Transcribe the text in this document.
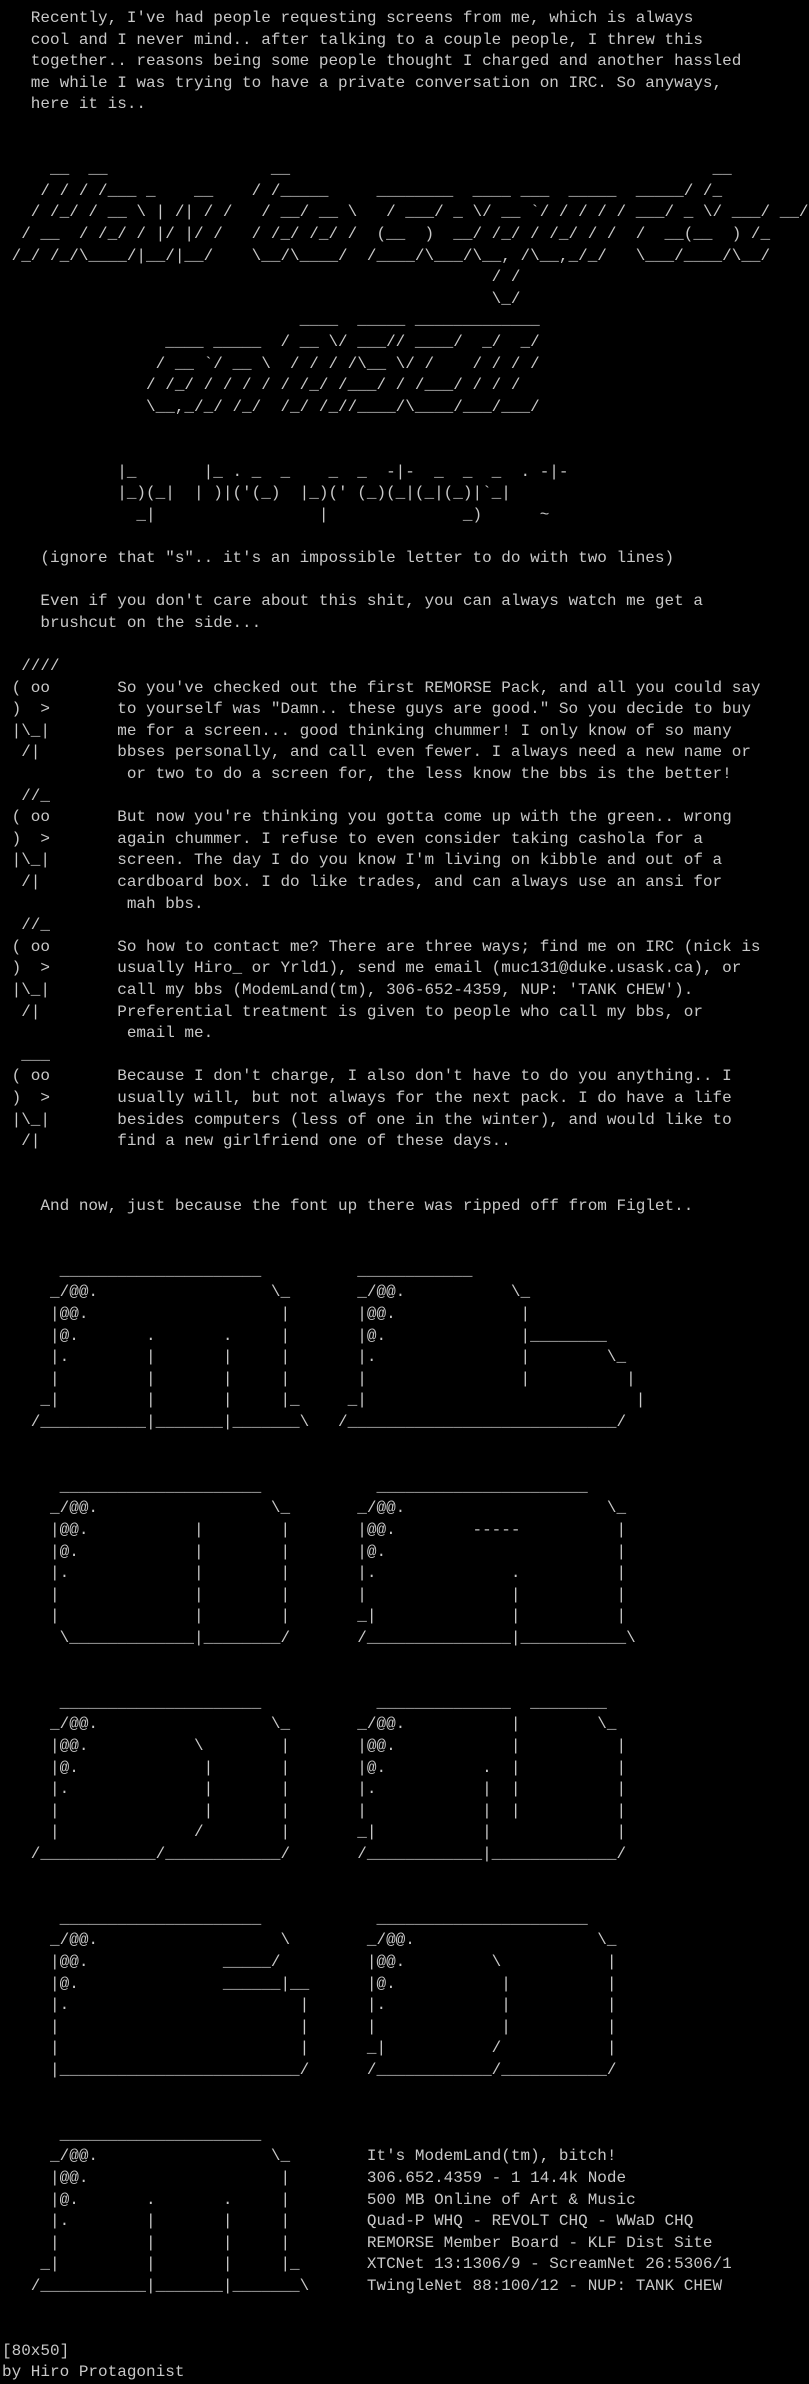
Recently, I've had people requesting screens from me, which is always
cool and I never mind.. after talking to a couple people, I threw this
together.. reasons being some people thought I charged and another hassled
me while I was trying to have a private conversation on IRC. So anyways,
here it is..
__  __                 __                                            __
/ / / /___ _    __    / /_____     ________  ____ ___  _____  _____/ /_
/ /_/ / __ \ | /| / /   / __/ __ \   / ___/ _ \/ __ `/ / / / / ___/ _ \/ ___/ __/
/ __  / /_/ / |/ |/ /   / /_/ /_/ /  (__  )  __/ /_/ / /_/ / /  /  __(__  ) /_
/_/ /_/\____/|__/|__/    \__/\____/  /____/\___/\__, /\__,_/_/   \___/____/\__/
/ /
\_/
____  _____ _____________
____ _____  / __ \/ ___// ____/  _/  _/
/ __ `/ __ \  / / / /\__ \/ /    / / / /
/ /_/ / / / / / /_/ /___/ / /___/ / / /
\__,_/_/ /_/  /_/ /_//____/\____/___/___/
|_       |_ . _  _    _  _  -|-  _  _  _  . -|-
|_)(_|  | )|('(_)  |_)(' (_)(_|(_|(_)|`_|
_|                 |              _)      ~
(ignore that "s".. it's an impossible letter to do with two lines)
Even if you don't care about this shit, you can always watch me get a
brushcut on the side...
////
( oo       So you've checked out the first REMORSE Pack, and all you could say
)  >       to yourself was "Damn.. these guys are good." So you decide to buy
|\_|       me for a screen... good thinking chummer! I only know of so many
/|        bbses personally, and call even fewer. I always need a new name or
or two to do a screen for, the less know the bbs is the better!
//_
( oo       But now you're thinking you gotta come up with the green.. wrong
)  >       again chummer. I refuse to even consider taking cashola for a
|\_|       screen. The day I do you know I'm living on kibble and out of a
/|        cardboard box. I do like trades, and can always use an ansi for
mah bbs.
//_
( oo       So how to contact me? There are three ways; find me on IRC (nick is
)  >       usually Hiro_ or Yrld1), send me email (muc131@duke.usask.ca), or
|\_|       call my bbs (ModemLand(tm), 306-652-4359, NUP: 'TANK CHEW').
/|        Preferential treatment is given to people who call my bbs, or
email me.
___
( oo       Because I don't charge, I also don't have to do you anything.. I
)  >       usually will, but not always for the next pack. I do have a life
|\_|       besides computers (less of one in the winter), and would like to
/|        find a new girlfriend one of these days..
And now, just because the font up there was ripped off from Figlet..
_____________________          ____________
_/@@.                  \_       _/@@.           \_
|@@.                    |       |@@.             |
|@.       .       .     |       |@.              |________
|.        |       |     |       |.               |        \_
|         |       |     |       |                |          |
_|         |       |     |_     _|                            |
/___________|_______|_______\   /____________________________/
_____________________            ______________________
_/@@.                  \_       _/@@.                     \_
|@@.           |        |       |@@.        -----          |
|@.            |        |       |@.                        |
|.             |        |       |.              .          |
|              |        |       |               |          |
|              |        |       _|              |          |
\_____________|________/       /_______________|___________\
_____________________            ______________  ________
_/@@.                  \_       _/@@.           |        \_
|@@.           \        |       |@@.            |          |
|@.             |       |       |@.          .  |          |
|.              |       |       |.           |  |          |
|               |       |       |            |  |          |
|              /        |       _|           |             |
/____________/____________/       /____________|_____________/
_____________________            ______________________
_/@@.                   \        _/@@.                   \_
|@@.              _____/         |@@.         \           |
|@.               ______|__      |@.           |          |
|.                        |      |.            |          |
|                         |      |             |          |
|                         |      _|           /           |
|_________________________/      /____________/___________/
_____________________
_/@@.                  \_        It's ModemLand(tm), bitch!
|@@.                    |        306.652.4359 - 1 14.4k Node
|@.       .       .     |        500 MB Online of Art & Music
|.        |       |     |        Quad-P WHQ - REVOLT CHQ - WWaD CHQ
|         |       |     |        REMORSE Member Board - KLF Dist Site
_|         |       |     |_       XTCNet 13:1306/9 - ScreamNet 26:5306/1
/___________|_______|_______\      TwingleNet 88:100/12 - NUP: TANK CHEW
[80x50]
by Hiro Protagonist
